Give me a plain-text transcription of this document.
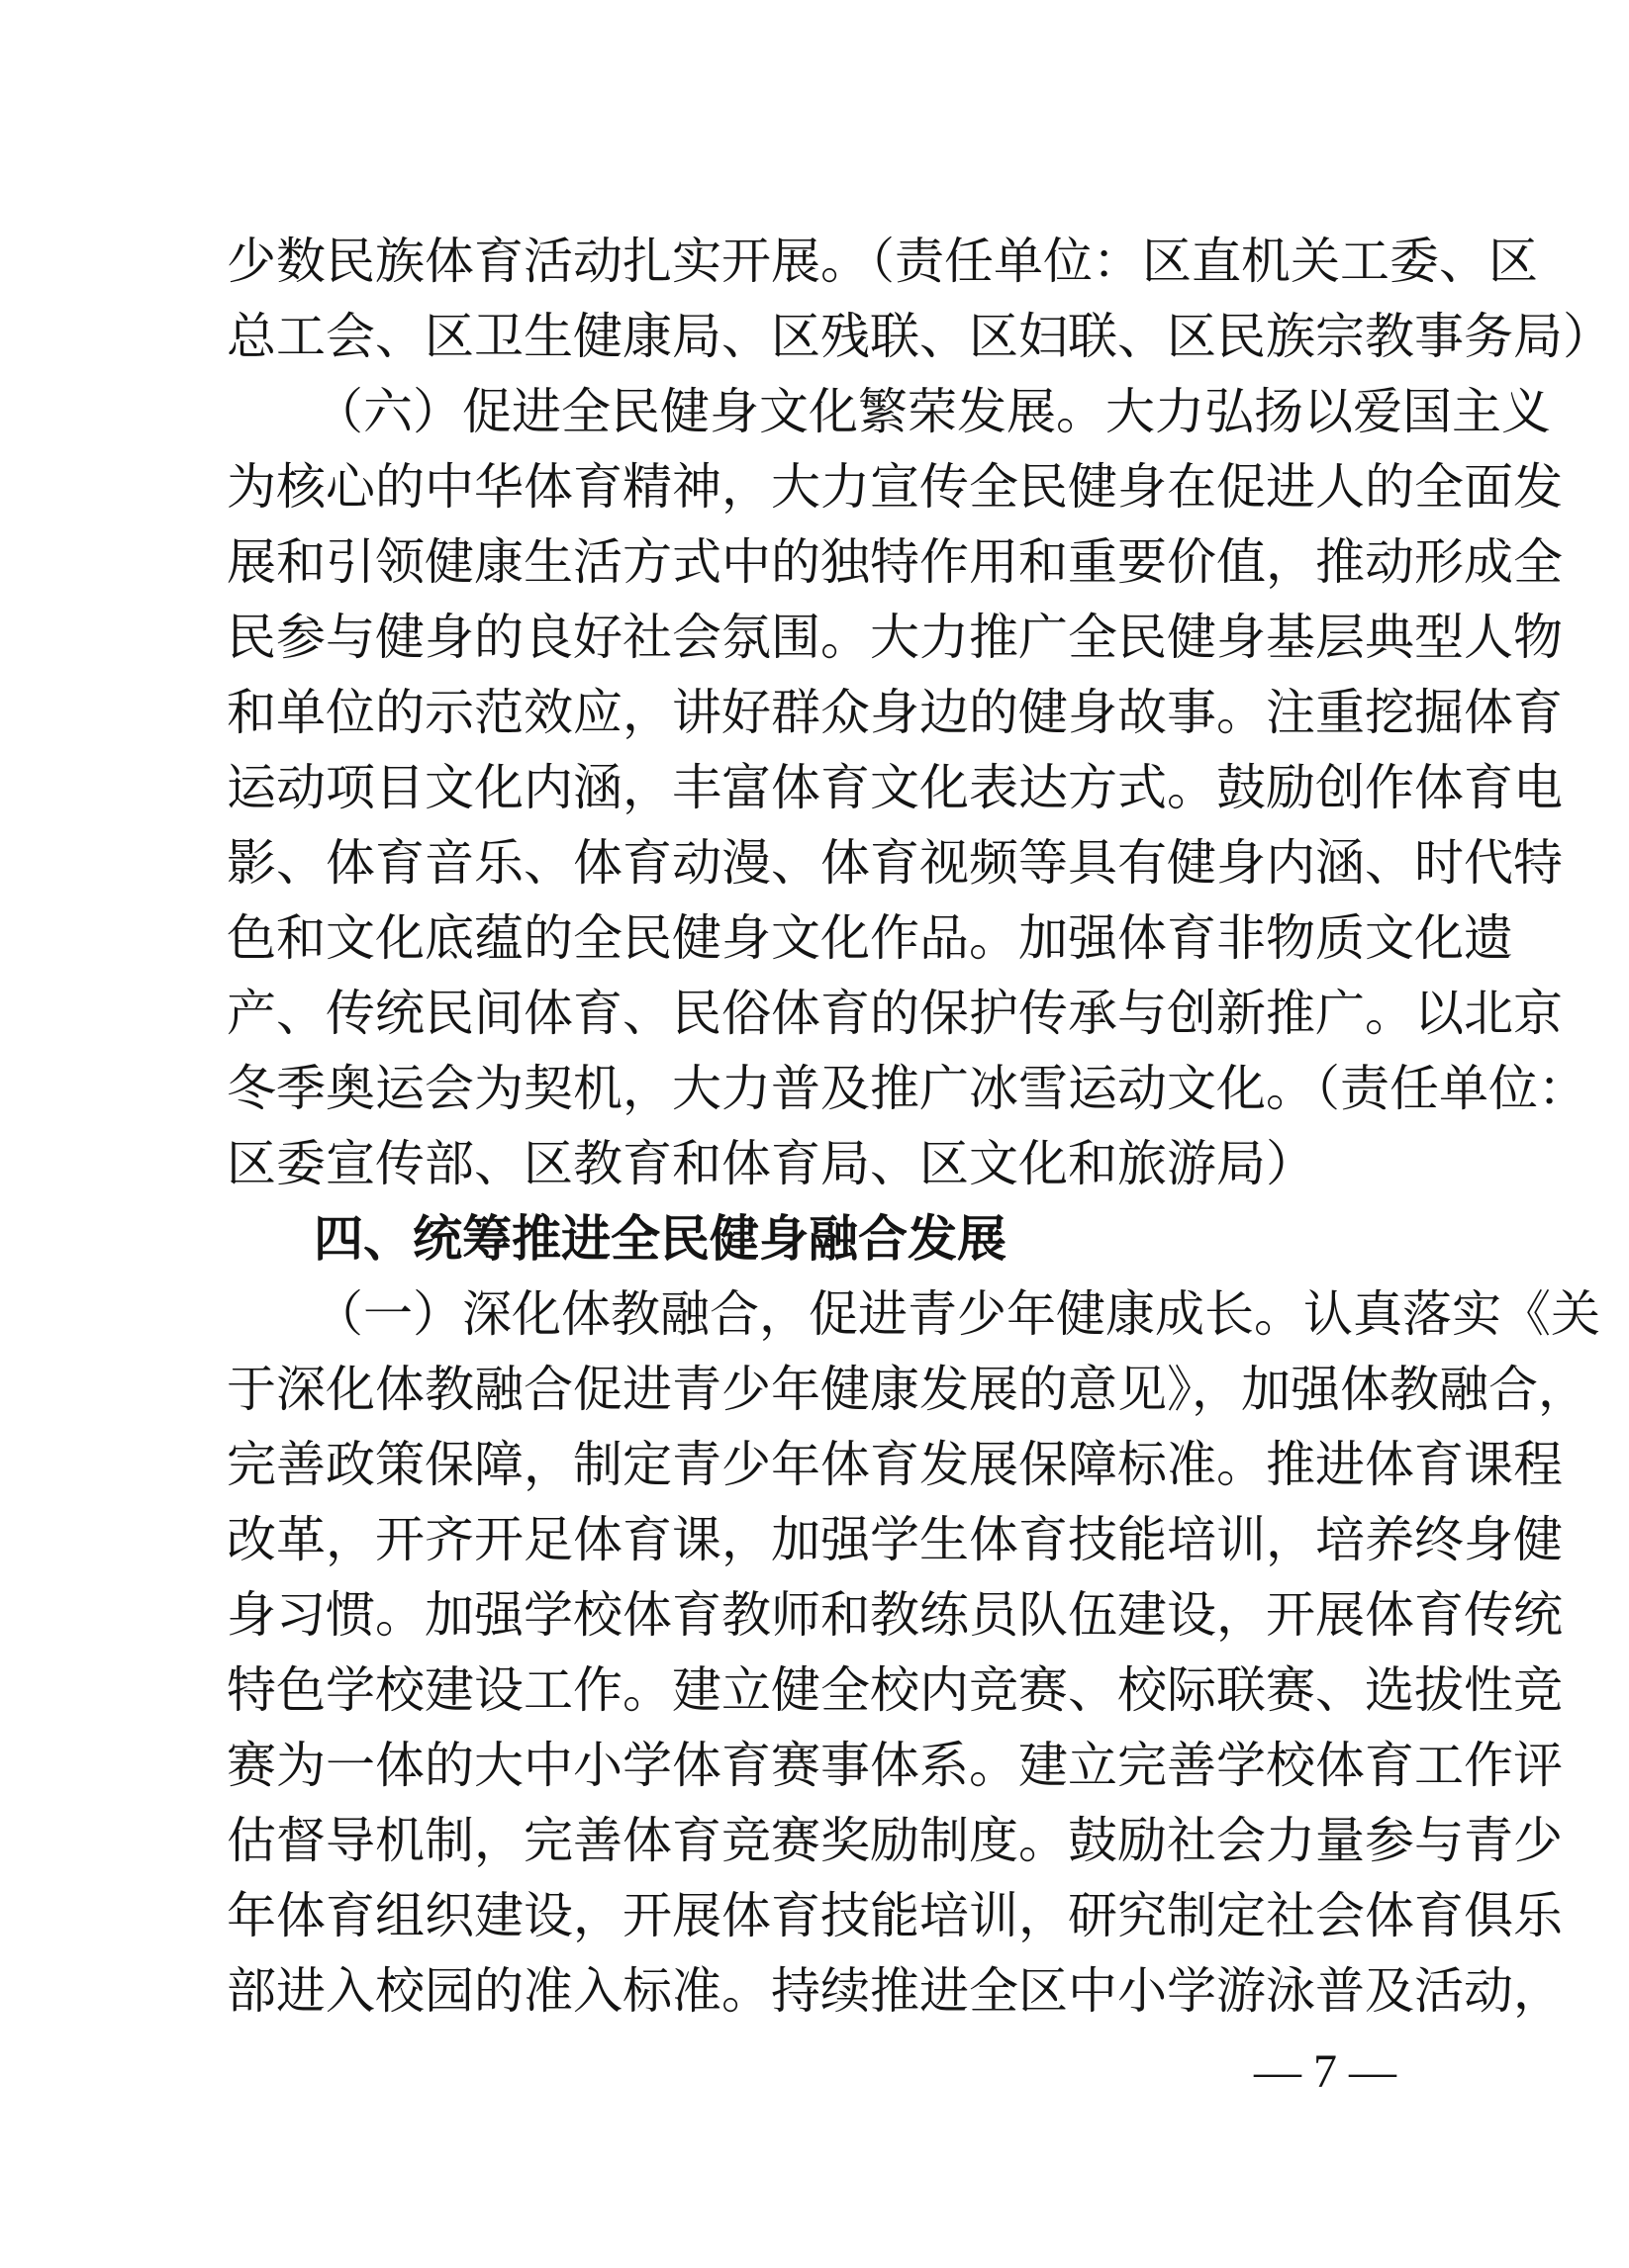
少数民族体育活动扎实开展。（责任单位：区直机关工委、区
总工会、区卫生健康局、区残联、区妇联、区民族宗教事务局）
（六）促进全民健身文化繁荣发展。大力弘扬以爱国主义
为核心的中华体育精神，大力宣传全民健身在促进人的全面发
展和引领健康生活方式中的独特作用和重要价值，推动形成全
民参与健身的良好社会氛围。大力推广全民健身基层典型人物
和单位的示范效应，讲好群众身边的健身故事。注重挖掘体育
运动项目文化内涵，丰富体育文化表达方式。鼓励创作体育电
影、体育音乐、体育动漫、体育视频等具有健身内涵、时代特
色和文化底蕴的全民健身文化作品。加强体育非物质文化遗
产、传统民间体育、民俗体育的保护传承与创新推广。以北京
冬季奥运会为契机，大力普及推广冰雪运动文化。（责任单位：
区委宣传部、区教育和体育局、区文化和旅游局）
四、统筹推进全民健身融合发展
（一）深化体教融合，促进青少年健康成长。认真落实《关
于深化体教融合促进青少年健康发展的意见》，加强体教融合，
完善政策保障，制定青少年体育发展保障标准。推进体育课程
改革，开齐开足体育课，加强学生体育技能培训，培养终身健
身习惯。加强学校体育教师和教练员队伍建设，开展体育传统
特色学校建设工作。建立健全校内竞赛、校际联赛、选拔性竞
赛为一体的大中小学体育赛事体系。建立完善学校体育工作评
估督导机制，完善体育竞赛奖励制度。鼓励社会力量参与青少
年体育组织建设，开展体育技能培训，研究制定社会体育俱乐
部进入校园的准入标准。持续推进全区中小学游泳普及活动，
— 7 —
